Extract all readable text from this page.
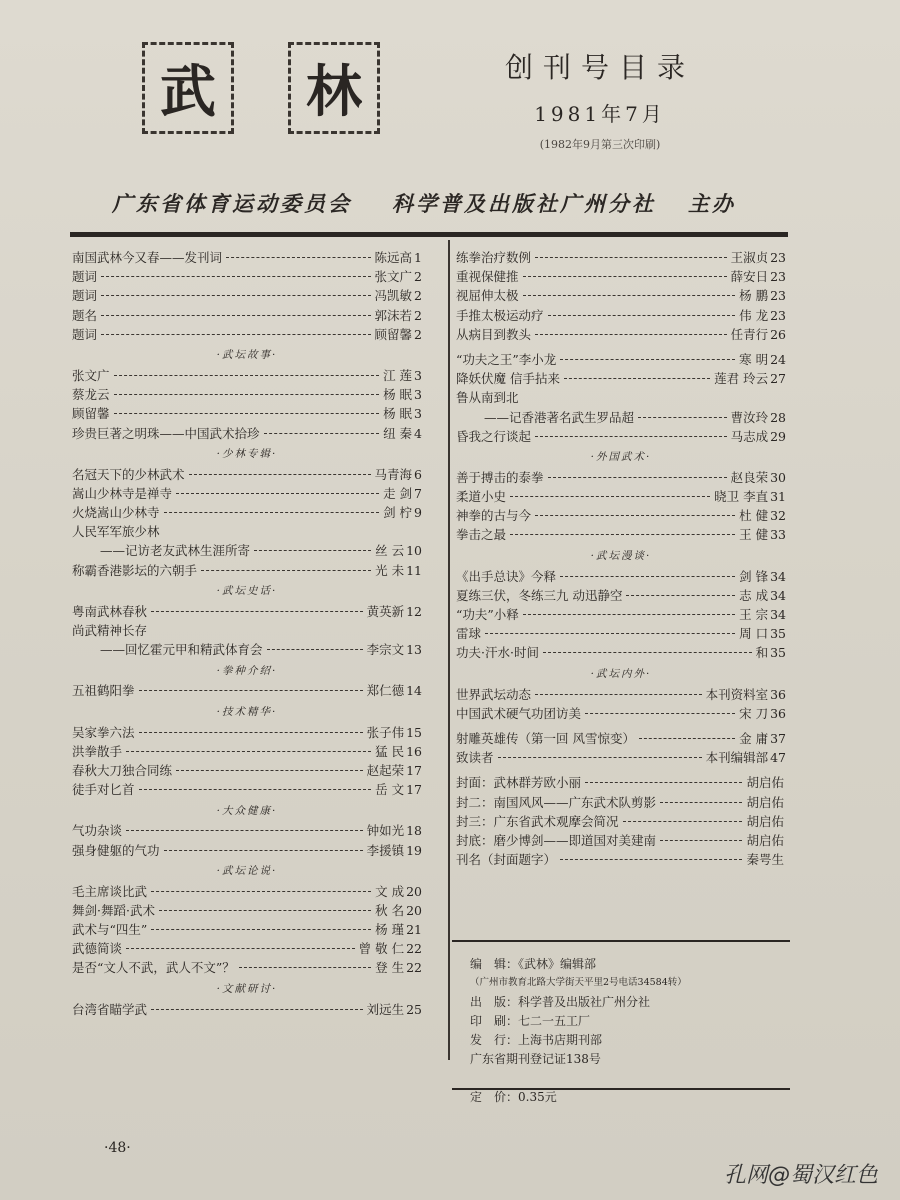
武 林	创刊号目录
1981年7月
(1982年9月第三次印刷)
广东省体育运动委员会 科学普及出版社广州分社 主办
南国武林今又春——发刊词	陈远高 1
题词	张文广 2
题词	冯凯敏 2
题名	郭沫若 2
题词	顾留馨 2
·武坛故事·
张文广	江 莲 3
蔡龙云	杨 眠 3
顾留馨	杨 眠 3
珍贵巨著之明珠——中国武术拾珍	纽 秦 4
·少林专辑·
名冠天下的少林武术	马青海 6
嵩山少林寺是禅寺	走 剑 7
火烧嵩山少林寺	剑 柠 9
人民军军旅少林
——记访老友武林生涯所寄	丝 云 10
称霸香港影坛的六朝手	光 未 11
·武坛史话·
粤南武林春秋	黄英新 12
尚武精神长存
——回忆霍元甲和精武体育会	李宗文 13
·拳种介绍·
五祖鹤阳拳	郑仁德 14
·技术精华·
吴家拳六法	张子伟 15
洪拳散手	猛 民 16
春秋大刀独合同练	赵起荣 17
徒手对匕首	岳 文 17
·大众健康·
气功杂谈	钟如光 18
强身健躯的气功	李援镇 19
·武坛论说·
毛主席谈比武	文 成 20
舞剑·舞蹈·武术	秋 名 20
武术与“四生”	杨 瑾 21
武德简谈	曾 敬 仁 22
是否“文人不武，武人不文”？	登 生 22
·文献研讨·
台湾省瞄学武	刘远生 25
练拳治疗数例	王淑贞 23
重视保健推	薛安日 23
视屈伸太极	杨 鹏 23
手推太极运动疗	伟 龙 23
从病目到教头	任青行 26
“功夫之王”李小龙	寒 明 24
降妖伏魔 信手拈来	莲君 玲云 27
鲁从南到北
——记香港著名武生罗品超	曹汝玲 28
昏我之行谈起	马志成 29
·外国武术·
善于搏击的泰拳	赵良荣 30
柔道小史	晓卫 李直 31
神拳的古与今	杜 健 32
拳击之最	王 健 33
·武坛漫谈·
《出手总诀》今释	剑 锋 34
夏练三伏，冬练三九 动迅静空	志 成 34
“功夫”小释	王 宗 34
雷球	周 口 35
功夫·汗水·时间	和 35
·武坛内外·
世界武坛动态	本刊资料室 36
中国武术硬气功团访美	宋 刀 36
射雕英雄传（第一回 风雪惊变）	金 庸 37
致读者	本刊编辑部 47
封面：武林群芳欧小丽	胡启佑
封二：南国风风——广东武术队剪影	胡启佑
封三：广东省武术观摩会简况	胡启佑
封底：磨少博剑——即道国对美建南	胡启佑
刊名（封面题字）	秦咢生
编　辑：《武林》编辑部
（广州市教育北路大学街天平里2号电话34584转）
出　版：科学普及出版社广州分社
印　刷：七二一五工厂
发　行：上海书店期刊部
广东省期刊登记证138号
定　价：0.35元
·48·
孔网@蜀汉红色
